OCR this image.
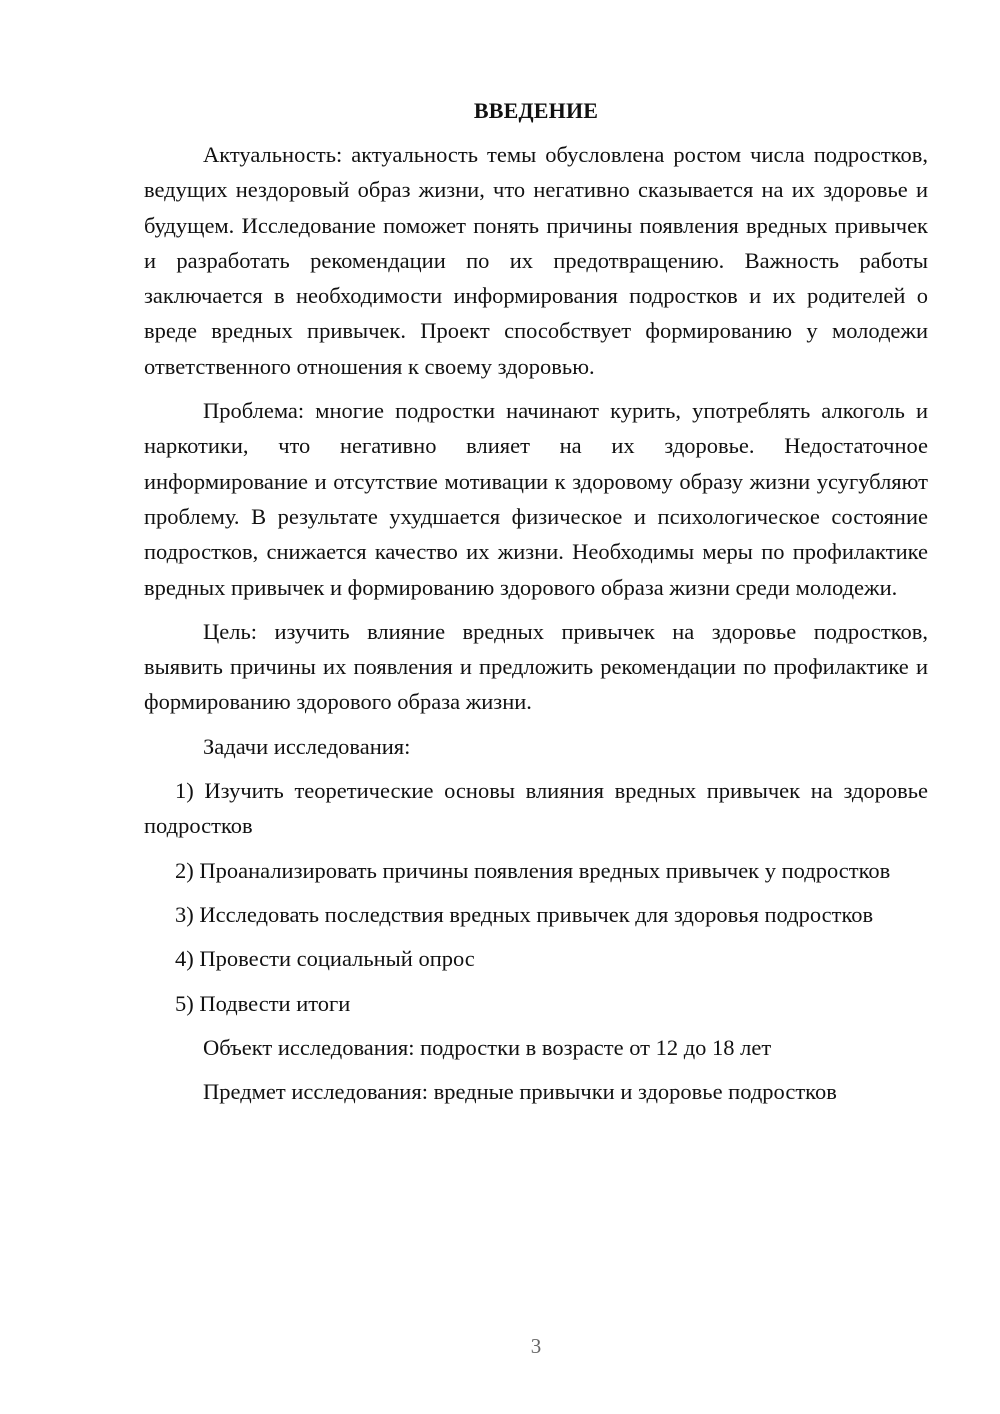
ВВЕДЕНИЕ

Актуальность: актуальность темы обусловлена ростом числа подростков, ведущих нездоровый образ жизни, что негативно сказывается на их здоровье и будущем. Исследование поможет понять причины появления вредных привычек и разработать рекомендации по их предотвращению. Важность работы заключается в необходимости информирования подростков и их родителей о вреде вредных привычек. Проект способствует формированию у молодежи ответственного отношения к своему здоровью.

Проблема: многие подростки начинают курить, употреблять алкоголь и наркотики, что негативно влияет на их здоровье. Недостаточное информирование и отсутствие мотивации к здоровому образу жизни усугубляют проблему. В результате ухудшается физическое и психологическое состояние подростков, снижается качество их жизни. Необходимы меры по профилактике вредных привычек и формированию здорового образа жизни среди молодежи.

Цель: изучить влияние вредных привычек на здоровье подростков, выявить причины их появления и предложить рекомендации по профилактике и формированию здорового образа жизни.

Задачи исследования:

1) Изучить теоретические основы влияния вредных привычек на здоровье подростков

2) Проанализировать причины появления вредных привычек у подростков

3) Исследовать последствия вредных привычек для здоровья подростков

4) Провести социальный опрос
5) Подвести итоги
Объект исследования: подростки в возрасте от 12 до 18 лет
Предмет исследования: вредные привычки и здоровье подростков
3
